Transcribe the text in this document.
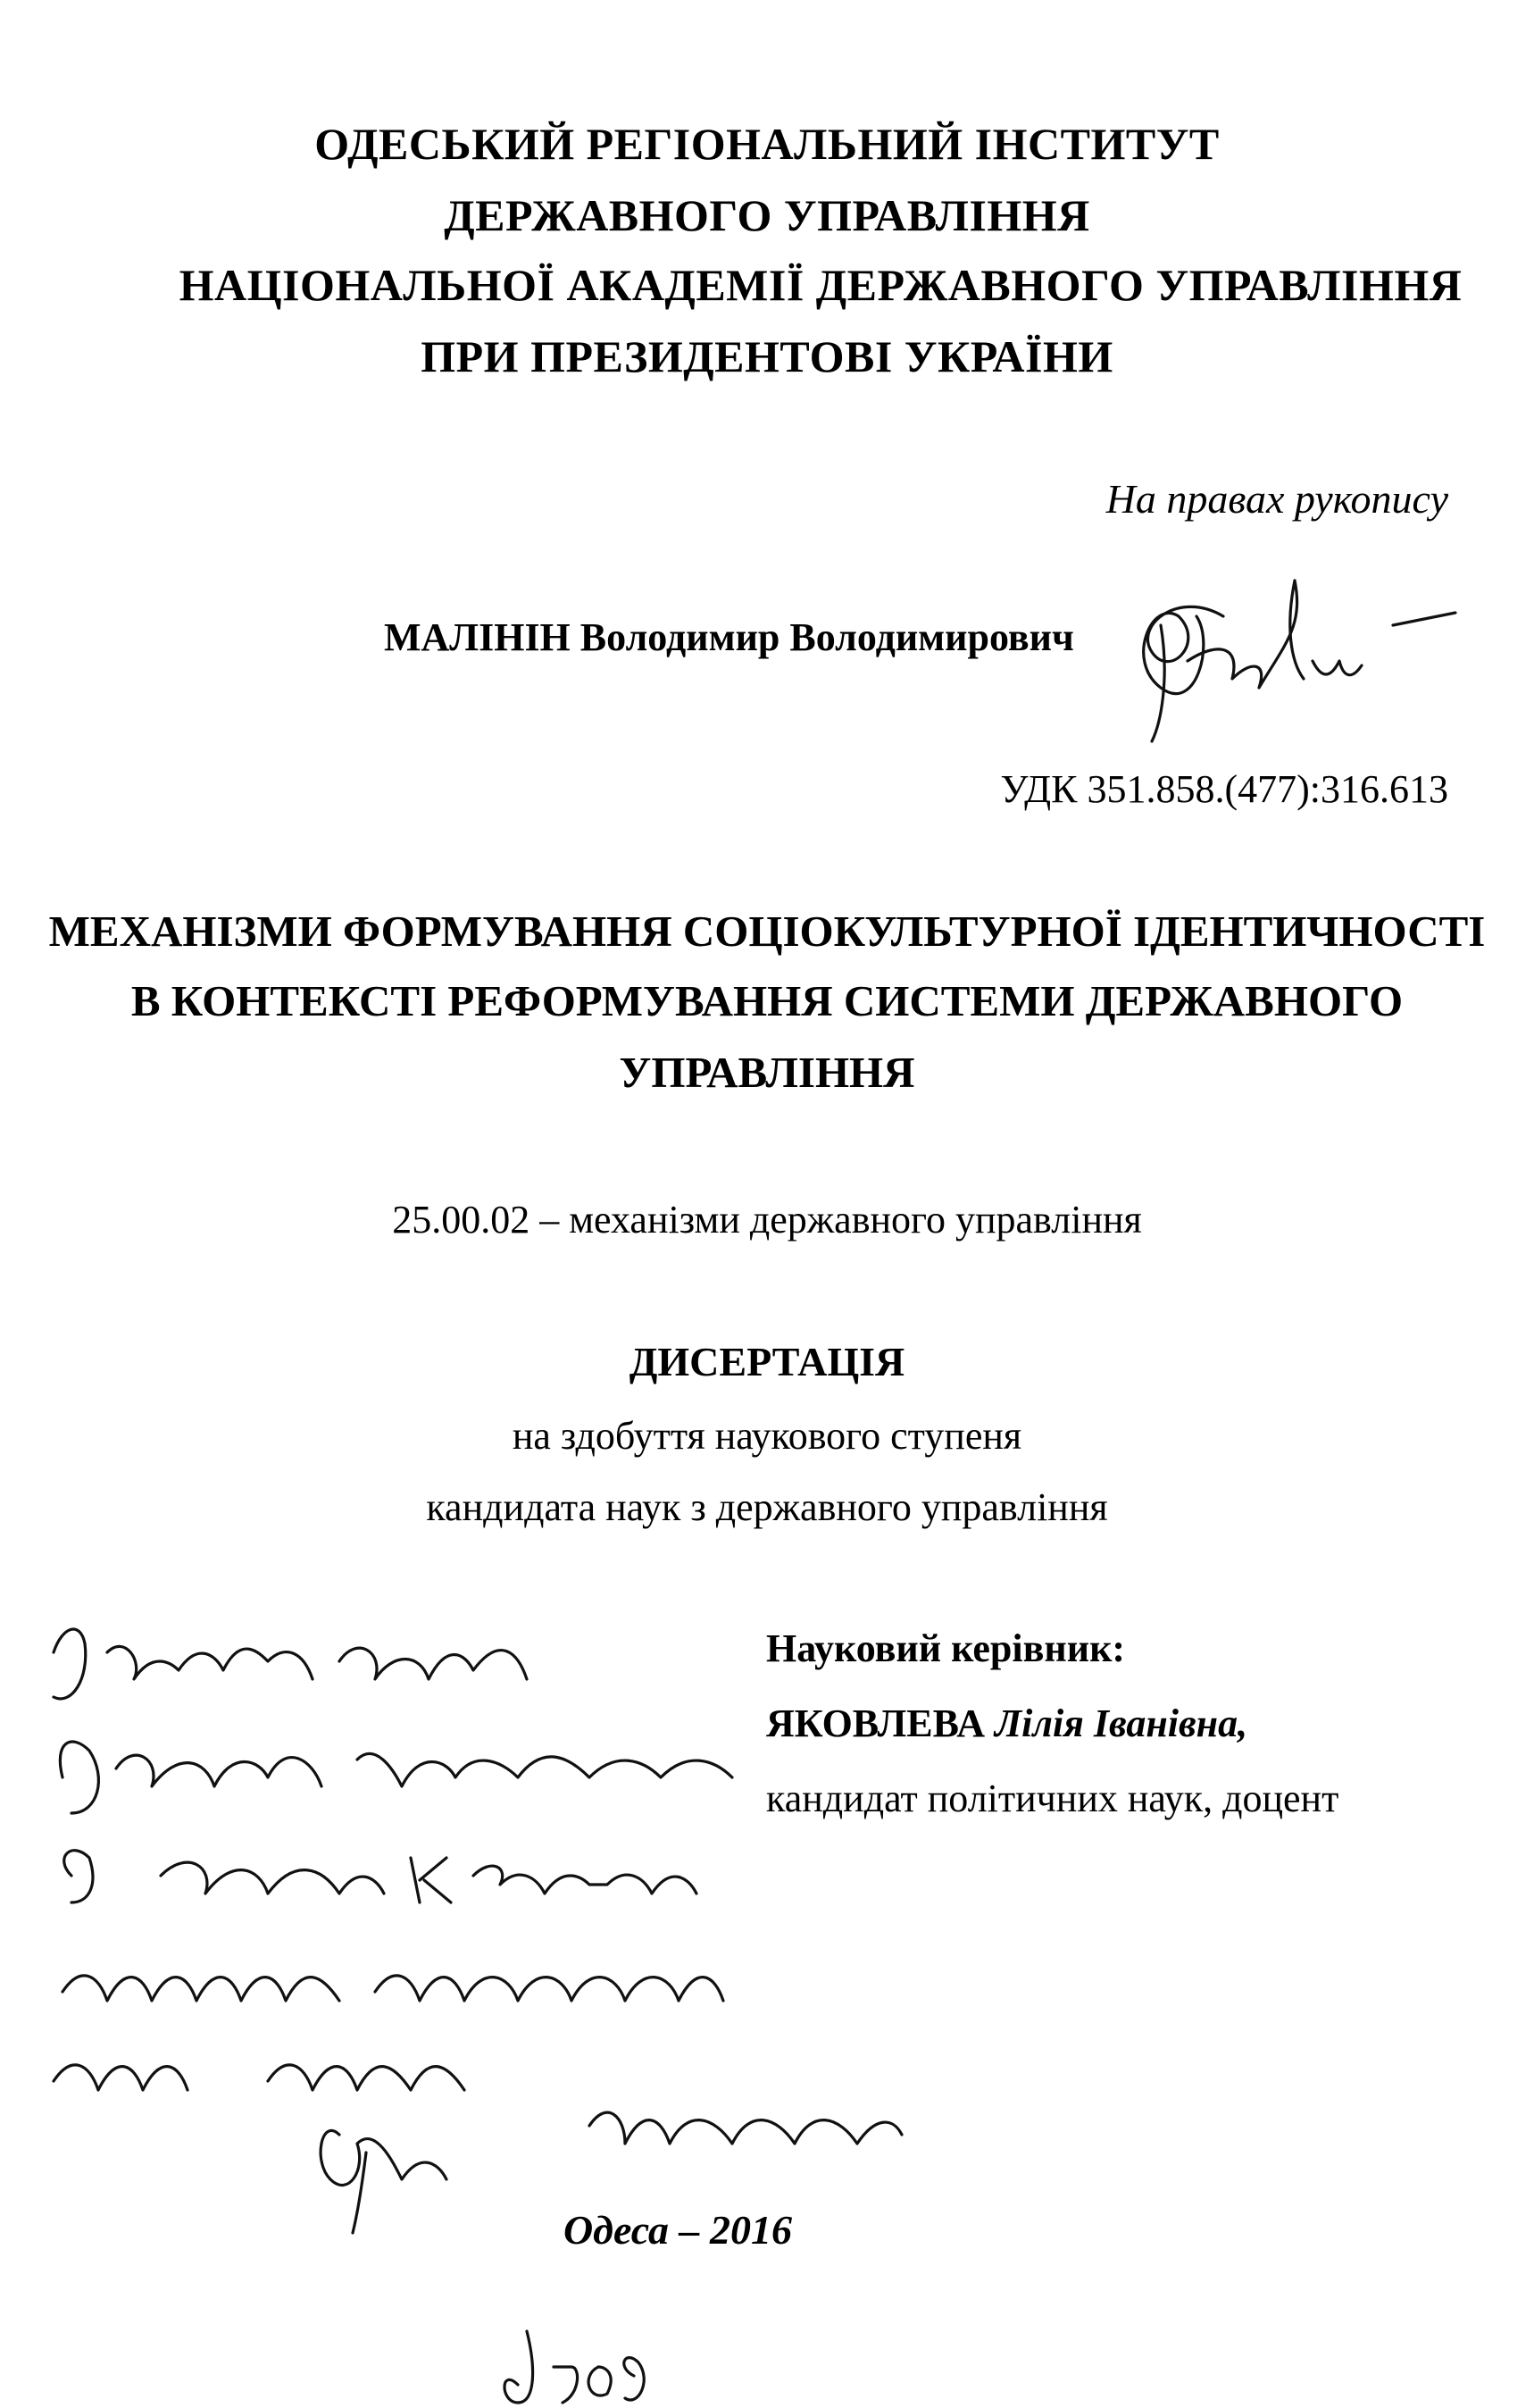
ОДЕСЬКИЙ РЕГІОНАЛЬНИЙ ІНСТИТУТ
ДЕРЖАВНОГО УПРАВЛІННЯ
НАЦІОНАЛЬНОЇ АКАДЕМІЇ ДЕРЖАВНОГО УПРАВЛІННЯ
ПРИ ПРЕЗИДЕНТОВІ УКРАЇНИ
На правах рукопису
МАЛІНІН Володимир Володимирович
УДК 351.858.(477):316.613
МЕХАНІЗМИ ФОРМУВАННЯ СОЦІОКУЛЬТУРНОЇ ІДЕНТИЧНОСТІ
В КОНТЕКСТІ РЕФОРМУВАННЯ СИСТЕМИ ДЕРЖАВНОГО
УПРАВЛІННЯ
25.00.02 – механізми державного управління
ДИСЕРТАЦІЯ
на здобуття наукового ступеня
кандидата наук з державного управління
Науковий керівник:
ЯКОВЛЕВА Лілія Іванівна,
кандидат політичних наук, доцент
Одеса – 2016
